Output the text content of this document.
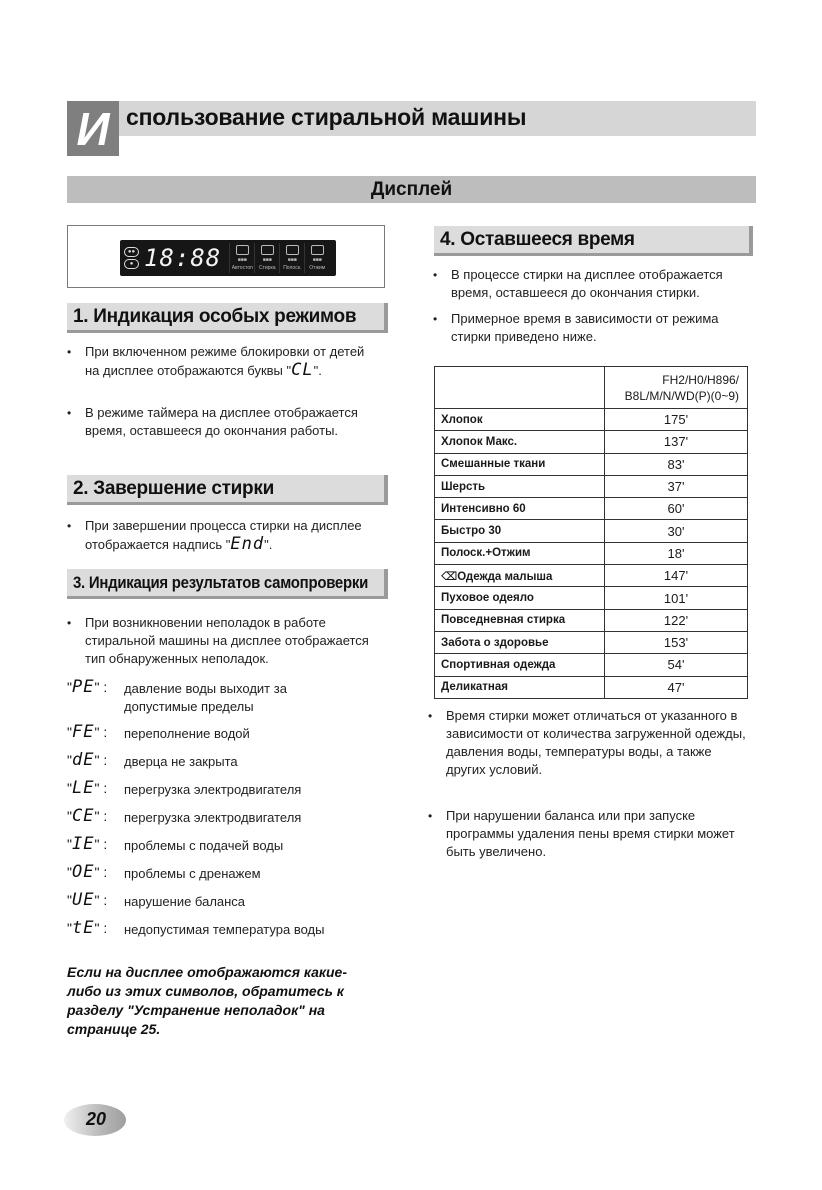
И спользование стиральной машины
Дисплей
●●
● 18:88	■■■
Автостоп
■■■
Стирка
■■■
Полоск.
■■■
Отжим
1. Индикация особых режимов
• При включенном режиме блокировки от детей на дисплее отображаются буквы "CL".
• В режиме таймера на дисплее отображается время, оставшееся до окончания работы.
2. Завершение стирки
• При завершении процесса стирки на дисплее отображается надпись "End".
3. Индикация результатов самопроверки
• При возникновении неполадок в работе стиральной машины на дисплее отображается тип обнаруженных неполадок.
"PE" : давление воды выходит за допустимые пределы
"FE" : переполнение водой
"dE" : дверца не закрыта
"LE" : перегрузка электродвигателя
"CE" : перегрузка электродвигателя
"IE" : проблемы с подачей воды
"OE" : проблемы с дренажем
"UE" : нарушение баланса
"tE" : недопустимая температура воды
Если на дисплее отображаются какие-либо из этих символов, обратитесь к разделу "Устранение неполадок" на странице 25.
4. Оставшееся время
• В процессе стирки на дисплее отображается время, оставшееся до окончания стирки.
• Примерное время в зависимости от режима стирки приведено ниже.
	FH2/H0/H896/
B8L/M/N/WD(P)(0~9)
Хлопок	175'
Хлопок Макс.	137'
Смешанные ткани	83'
Шерсть	37'
Интенсивно 60	60'
Быстро 30	30'
Полоск.+Отжим	18'
⌫Одежда малыша	147'
Пуховое одеяло	101'
Повседневная стирка	122'
Забота о здоровье	153'
Спортивная одежда	54'
Деликатная	47'
• Время стирки может отличаться от указанного в зависимости от количества загруженной одежды, давления воды, температуры воды, а также других условий.
• При нарушении баланса или при запуске программы удаления пены время стирки может быть увеличено.
20
